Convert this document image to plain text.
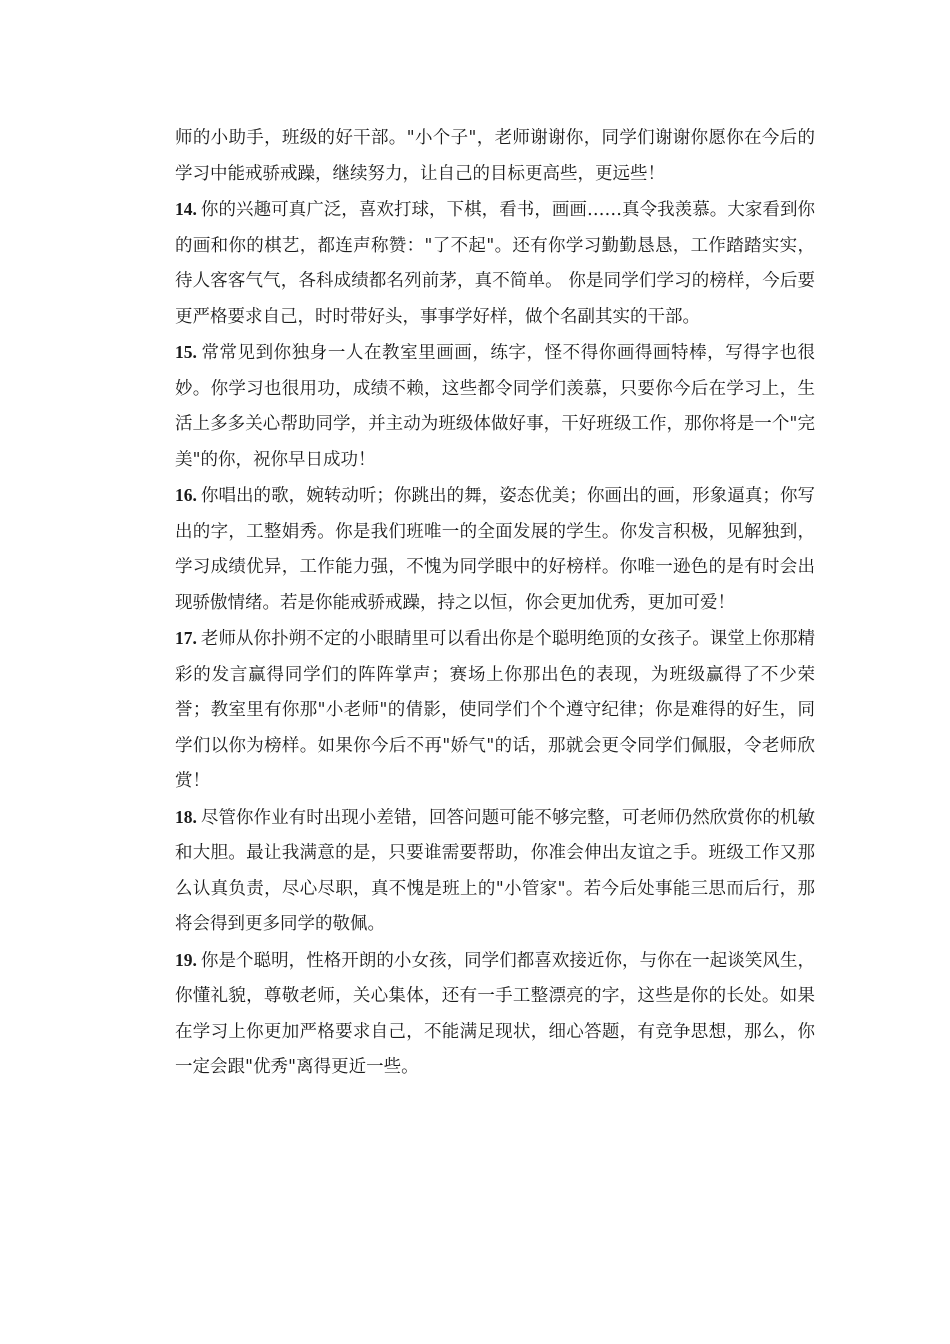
师的小助手，班级的好干部。"小个子"，老师谢谢你，同学们谢谢你愿你在今后的学习中能戒骄戒躁，继续努力，让自己的目标更高些，更远些！

14. 你的兴趣可真广泛，喜欢打球，下棋，看书，画画……真令我羡慕。大家看到你的画和你的棋艺，都连声称赞："了不起"。还有你学习勤勤恳恳，工作踏踏实实，待人客客气气，各科成绩都名列前茅，真不简单。 你是同学们学习的榜样，今后要更严格要求自己，时时带好头，事事学好样，做个名副其实的干部。

15. 常常见到你独身一人在教室里画画，练字，怪不得你画得画特棒，写得字也很妙。你学习也很用功，成绩不赖，这些都令同学们羡慕，只要你今后在学习上，生活上多多关心帮助同学，并主动为班级体做好事，干好班级工作，那你将是一个"完美"的你，祝你早日成功！

16. 你唱出的歌，婉转动听；你跳出的舞，姿态优美；你画出的画，形象逼真；你写出的字，工整娟秀。你是我们班唯一的全面发展的学生。你发言积极，见解独到，学习成绩优异，工作能力强，不愧为同学眼中的好榜样。你唯一逊色的是有时会出现骄傲情绪。若是你能戒骄戒躁，持之以恒，你会更加优秀，更加可爱！

17. 老师从你扑朔不定的小眼睛里可以看出你是个聪明绝顶的女孩子。课堂上你那精彩的发言赢得同学们的阵阵掌声；赛场上你那出色的表现，为班级赢得了不少荣誉；教室里有你那"小老师"的倩影，使同学们个个遵守纪律；你是难得的好生，同学们以你为榜样。如果你今后不再"娇气"的话，那就会更令同学们佩服，令老师欣赏！

18. 尽管你作业有时出现小差错，回答问题可能不够完整，可老师仍然欣赏你的机敏和大胆。最让我满意的是，只要谁需要帮助，你准会伸出友谊之手。班级工作又那么认真负责，尽心尽职，真不愧是班上的"小管家"。若今后处事能三思而后行，那将会得到更多同学的敬佩。

19. 你是个聪明，性格开朗的小女孩，同学们都喜欢接近你，与你在一起谈笑风生，你懂礼貌，尊敬老师，关心集体，还有一手工整漂亮的字，这些是你的长处。如果在学习上你更加严格要求自己，不能满足现状，细心答题，有竞争思想，那么，你一定会跟"优秀"离得更近一些。
